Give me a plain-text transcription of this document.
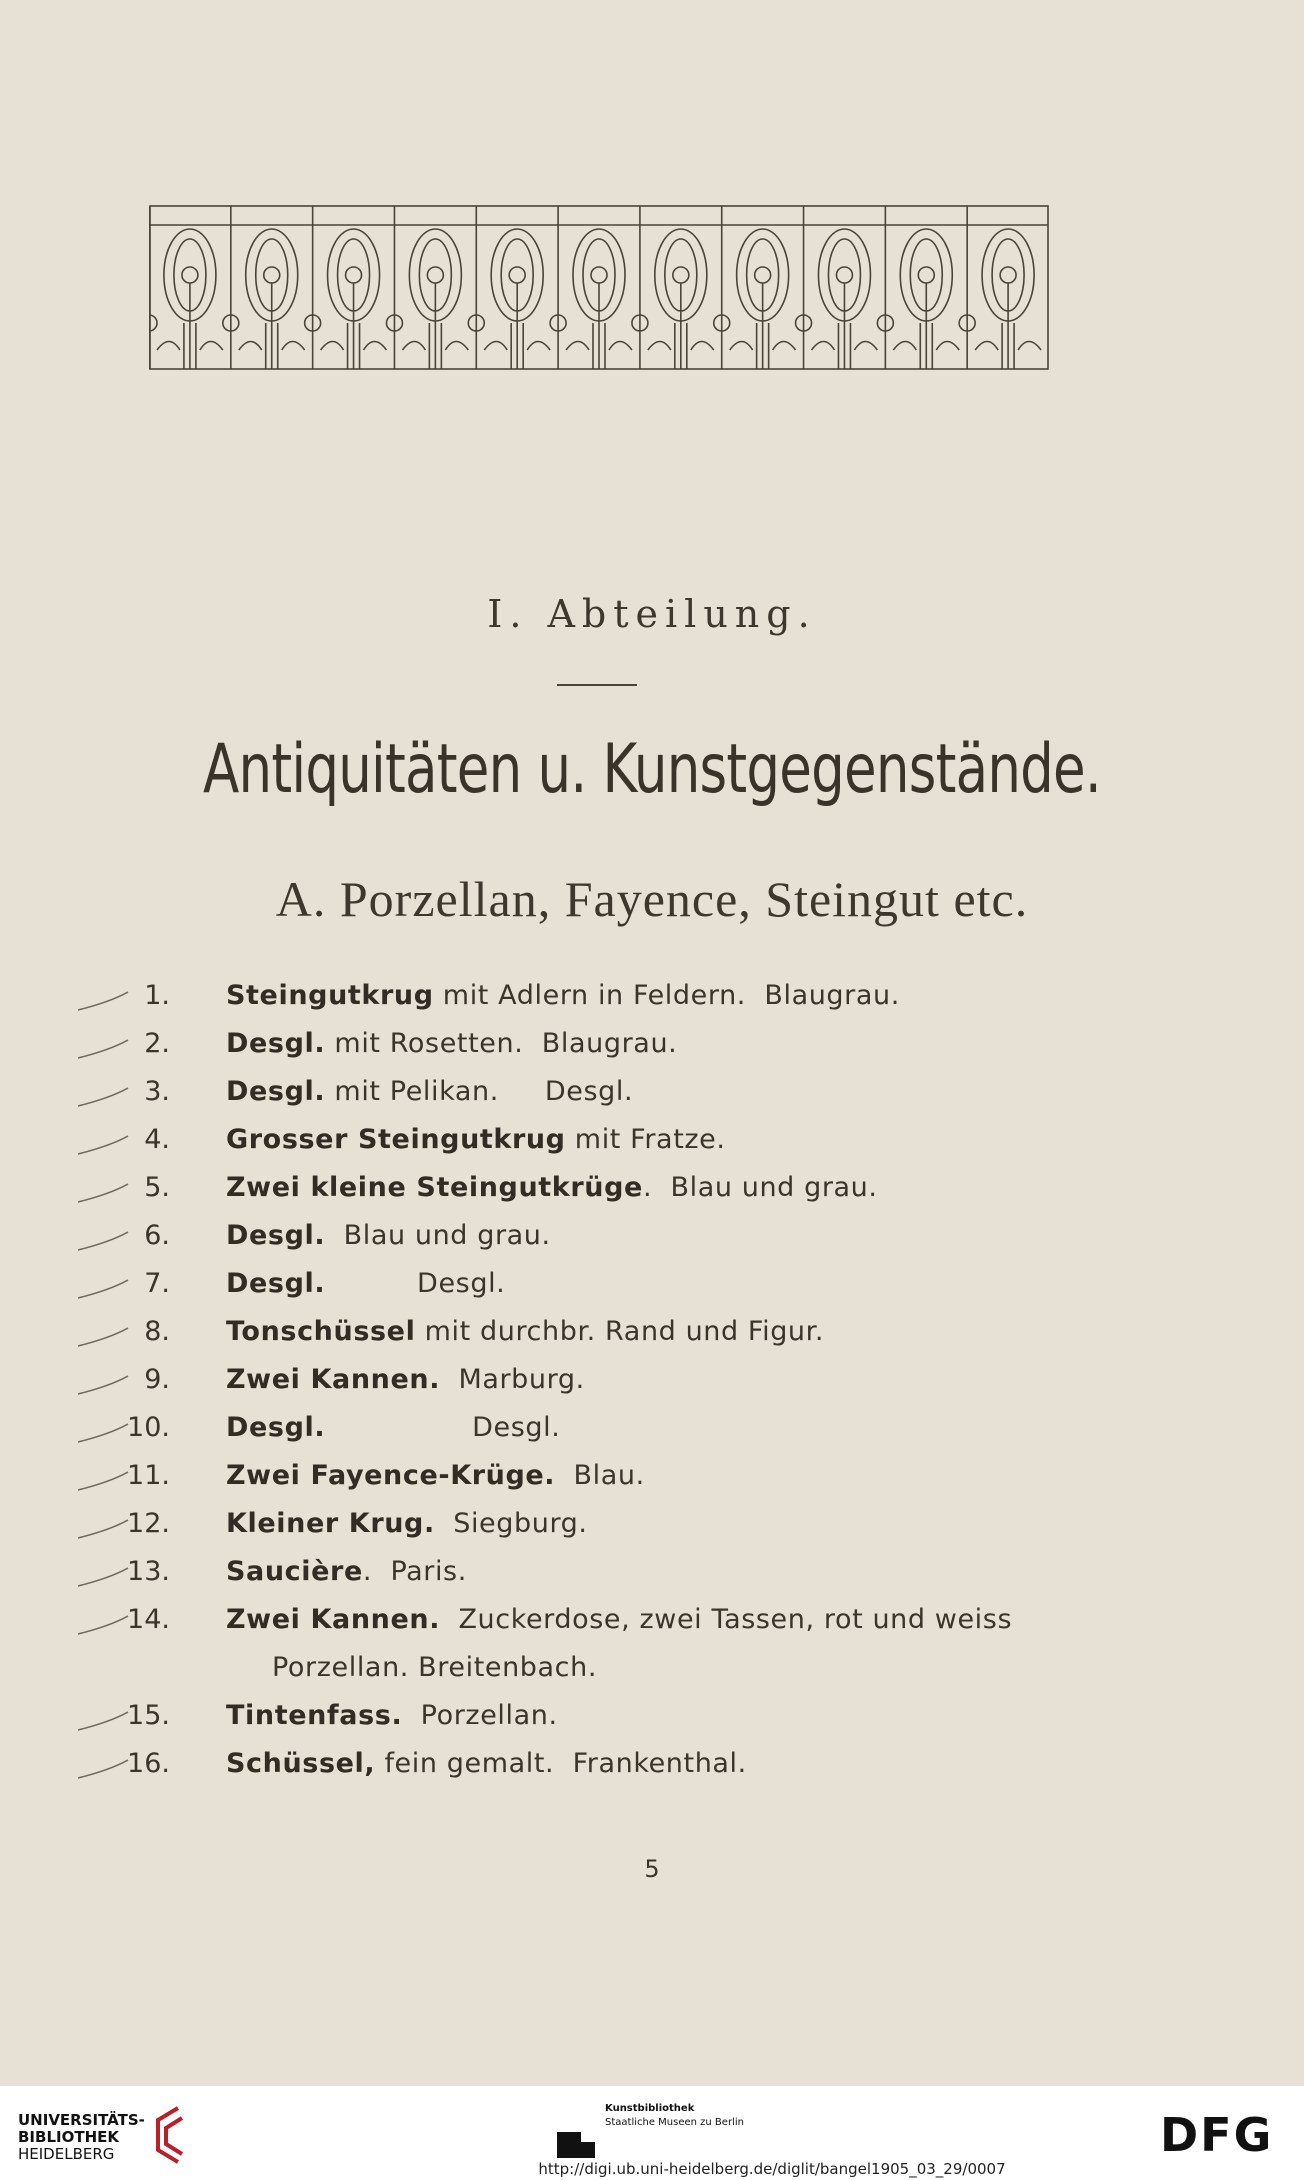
I. Abteilung.
Antiquitäten u. Kunstgegenstände.
A. Porzellan, Fayence, Steingut etc.
1. Steingutkrug mit Adlern in Feldern.  Blaugrau.
2. Desgl. mit Rosetten.  Blaugrau.
3. Desgl. mit Pelikan.     Desgl.
4. Grosser Steingutkrug mit Fratze.
5. Zwei kleine Steingutkrüge.  Blau und grau.
6. Desgl.  Blau und grau.
7. Desgl.          Desgl.
8. Tonschüssel mit durchbr. Rand und Figur.
9. Zwei Kannen.  Marburg.
10. Desgl.                Desgl.
11. Zwei Fayence-Krüge.  Blau.
12. Kleiner Krug.  Siegburg.
13. Saucière.  Paris.
14. Zwei Kannen.  Zuckerdose, zwei Tassen, rot und weiss
Porzellan. Breitenbach.
15. Tintenfass.  Porzellan.
16. Schüssel, fein gemalt.  Frankenthal.
5
UNIVERSITÄTS-
BIBLIOTHEK
HEIDELBERG
Kunstbibliothek
Staatliche Museen zu Berlin	DFG
http://digi.ub.uni-heidelberg.de/diglit/bangel1905_03_29/0007
